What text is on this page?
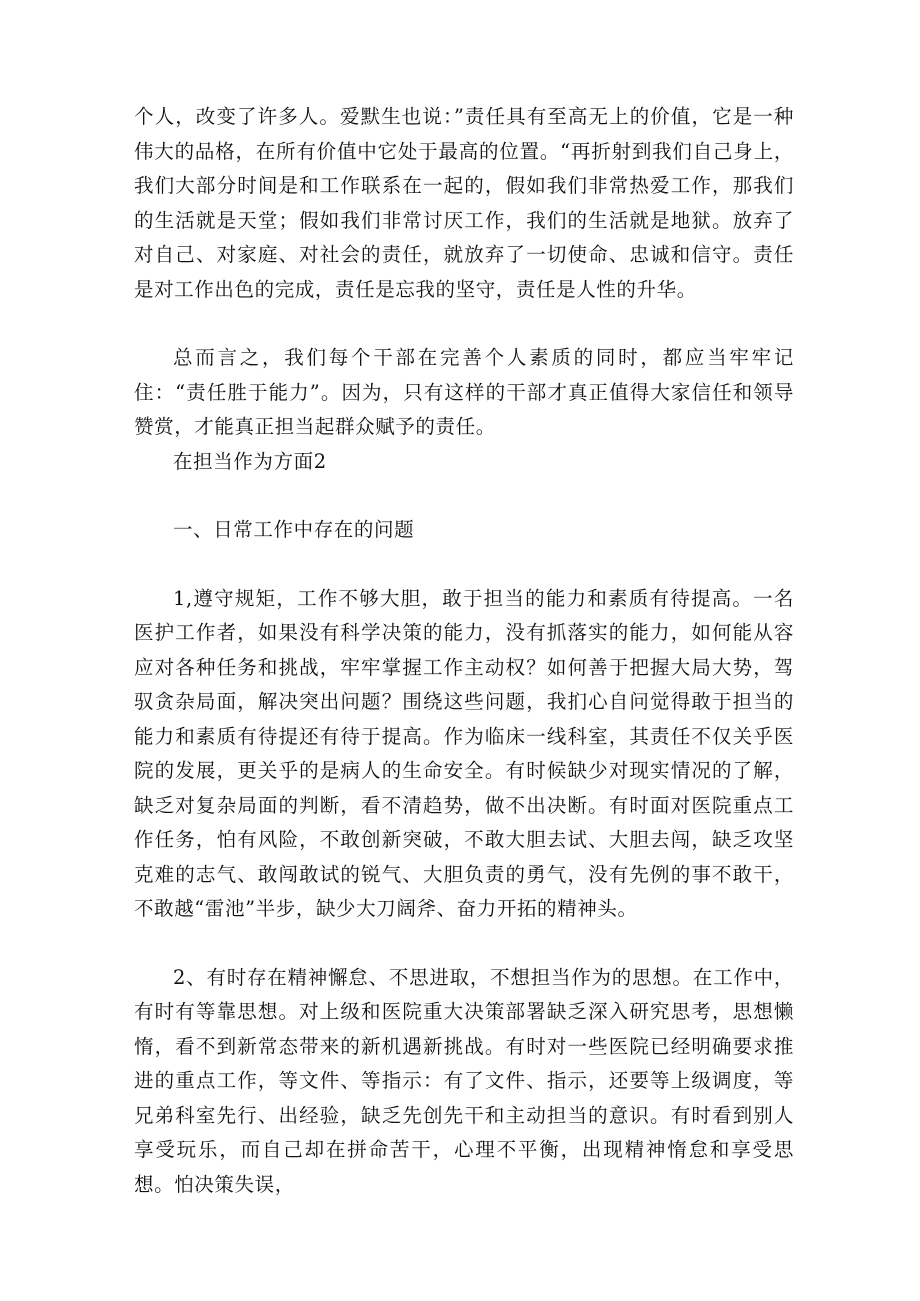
个人，改变了许多人。爱默生也说：”责任具有至高无上的价值，它是一种伟大的品格，在所有价值中它处于最高的位置。“再折射到我们自己身上，我们大部分时间是和工作联系在一起的，假如我们非常热爱工作，那我们的生活就是天堂；假如我们非常讨厌工作，我们的生活就是地狱。放弃了对自己、对家庭、对社会的责任，就放弃了一切使命、忠诚和信守。责任是对工作出色的完成，责任是忘我的坚守，责任是人性的升华。

总而言之，我们每个干部在完善个人素质的同时，都应当牢牢记住：“责任胜于能力”。因为，只有这样的干部才真正值得大家信任和领导赞赏，才能真正担当起群众赋予的责任。

在担当作为方面2

一、日常工作中存在的问题

1,遵守规矩，工作不够大胆，敢于担当的能力和素质有待提高。一名医护工作者，如果没有科学决策的能力，没有抓落实的能力，如何能从容应对各种任务和挑战，牢牢掌握工作主动权？如何善于把握大局大势，驾驭贪杂局面，解决突出问题？围绕这些问题，我扪心自问觉得敢于担当的能力和素质有待提还有待于提高。作为临床一线科室，其责任不仅关乎医院的发展，更关乎的是病人的生命安全。有时候缺少对现实情况的了解，缺乏对复杂局面的判断，看不清趋势，做不出决断。有时面对医院重点工作任务，怕有风险，不敢创新突破，不敢大胆去试、大胆去闯，缺乏攻坚克难的志气、敢闯敢试的锐气、大胆负责的勇气，没有先例的事不敢干，不敢越“雷池”半步，缺少大刀阔斧、奋力开拓的精神头。

2、有时存在精神懈怠、不思进取，不想担当作为的思想。在工作中，有时有等靠思想。对上级和医院重大决策部署缺乏深入研究思考，思想懒惰，看不到新常态带来的新机遇新挑战。有时对一些医院已经明确要求推进的重点工作，等文件、等指示：有了文件、指示，还要等上级调度，等兄弟科室先行、出经验，缺乏先创先干和主动担当的意识。有时看到别人享受玩乐，而自己却在拼命苦干，心理不平衡，出现精神惰怠和享受思想。怕决策失误，
